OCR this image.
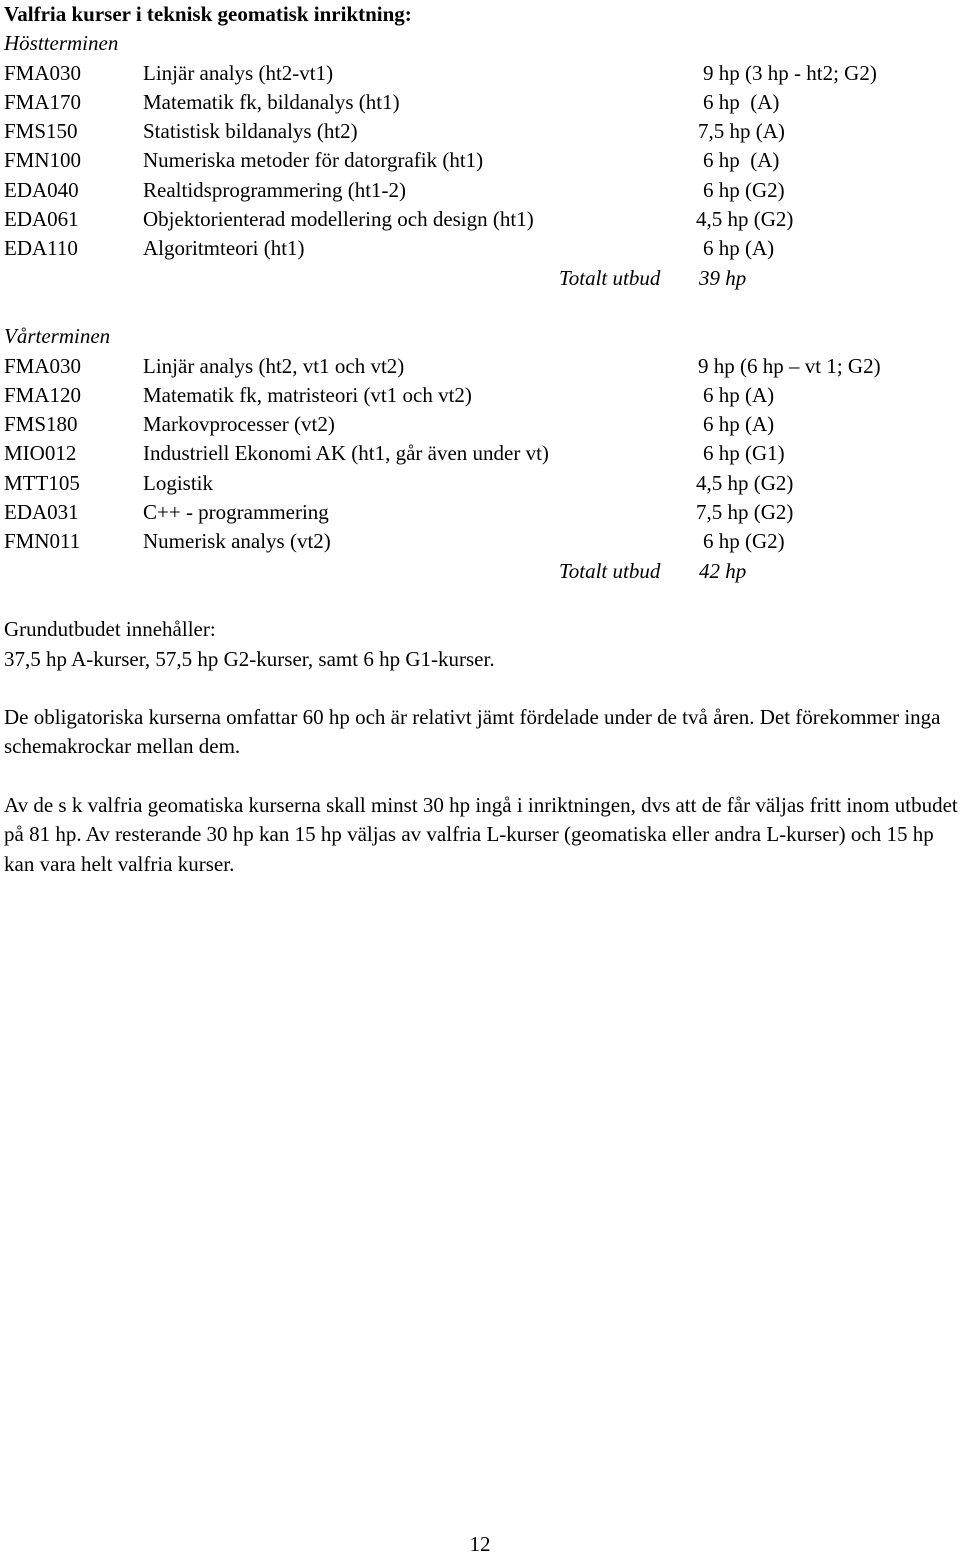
Valfria kurser i teknisk geomatisk inriktning:
Höstterminen
FMA030	Linjär analys (ht2-vt1)	9 hp (3 hp - ht2; G2)
FMA170	Matematik fk, bildanalys (ht1)	6 hp  (A)
FMS150	Statistisk bildanalys (ht2)	7,5 hp (A)
FMN100	Numeriska metoder för datorgrafik (ht1)	6 hp  (A)
EDA040	Realtidsprogrammering (ht1-2)	6 hp (G2)
EDA061	Objektorienterad modellering och design (ht1)	4,5 hp (G2)
EDA110	Algoritmteori (ht1)	6 hp (A)
Totalt utbud 39 hp
Vårterminen
FMA030	Linjär analys (ht2, vt1 och vt2)	9 hp (6 hp – vt 1; G2)
FMA120	Matematik fk, matristeori (vt1 och vt2)	6 hp (A)
FMS180	Markovprocesser (vt2)	6 hp (A)
MIO012	Industriell Ekonomi AK (ht1, går även under vt)	6 hp (G1)
MTT105	Logistik	4,5 hp (G2)
EDA031	C++ - programmering	7,5 hp (G2)
FMN011	Numerisk analys (vt2)	6 hp (G2)
Totalt utbud 42 hp
Grundutbudet innehåller:
37,5 hp A-kurser, 57,5 hp G2-kurser, samt 6 hp G1-kurser.

De obligatoriska kurserna omfattar 60 hp och är relativt jämt fördelade under de två åren. Det förekommer inga schemakrockar mellan dem.

Av de s k valfria geomatiska kurserna skall minst 30 hp ingå i inriktningen, dvs att de får väljas fritt inom utbudet på 81 hp. Av resterande 30 hp kan 15 hp väljas av valfria L-kurser (geomatiska eller andra L-kurser) och 15 hp kan vara helt valfria kurser.

12
